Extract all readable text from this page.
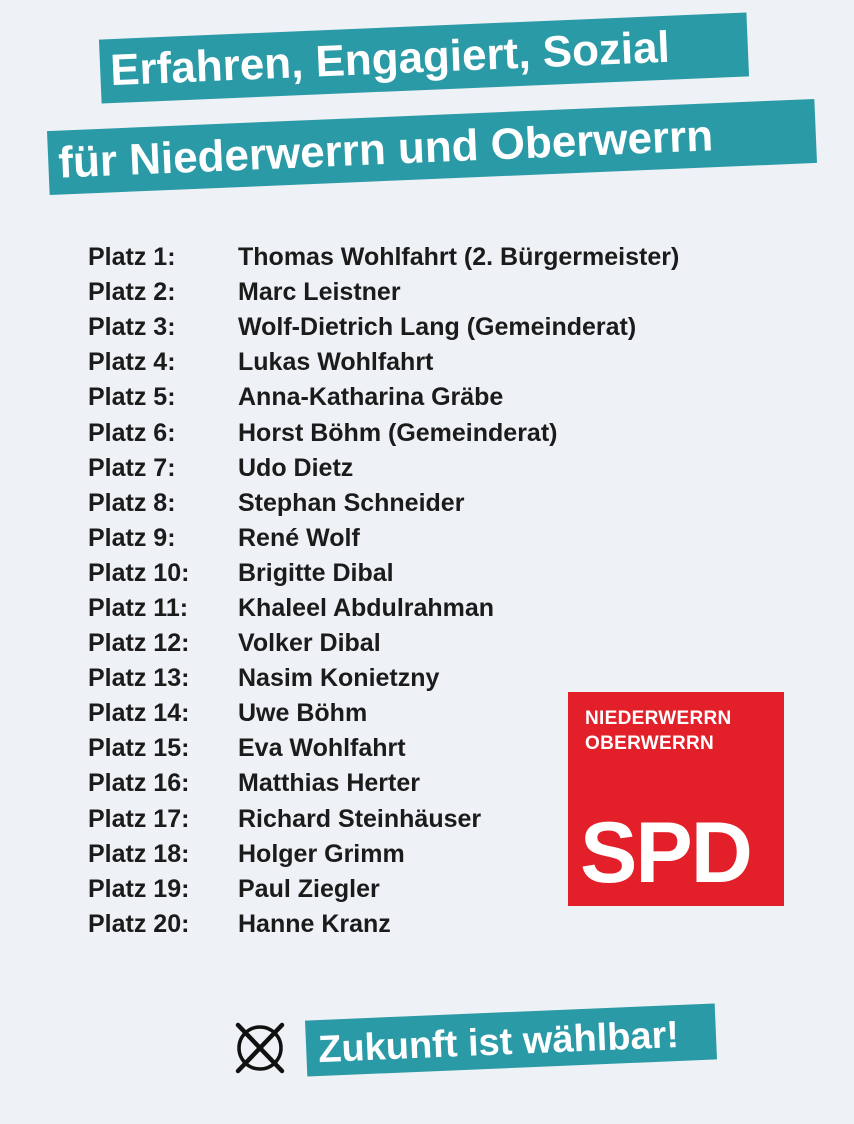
Erfahren, Engagiert, Sozial
für Niederwerrn und Oberwerrn
Platz 1:	Thomas Wohlfahrt (2. Bürgermeister)
Platz 2:	Marc Leistner
Platz 3:	Wolf-Dietrich Lang (Gemeinderat)
Platz 4:	Lukas Wohlfahrt
Platz 5:	Anna-Katharina Gräbe
Platz 6:	Horst Böhm (Gemeinderat)
Platz 7:	Udo Dietz
Platz 8:	Stephan Schneider
Platz 9:	René Wolf
Platz 10:	Brigitte Dibal
Platz 11:	Khaleel Abdulrahman
Platz 12:	Volker Dibal
Platz 13:	Nasim Konietzny
Platz 14:	Uwe Böhm
Platz 15:	Eva Wohlfahrt
Platz 16:	Matthias Herter
Platz 17:	Richard Steinhäuser
Platz 18:	Holger Grimm
Platz 19:	Paul Ziegler
Platz 20:	Hanne Kranz
NIEDERWERRN
OBERWERRN
SPD
Zukunft ist wählbar!
